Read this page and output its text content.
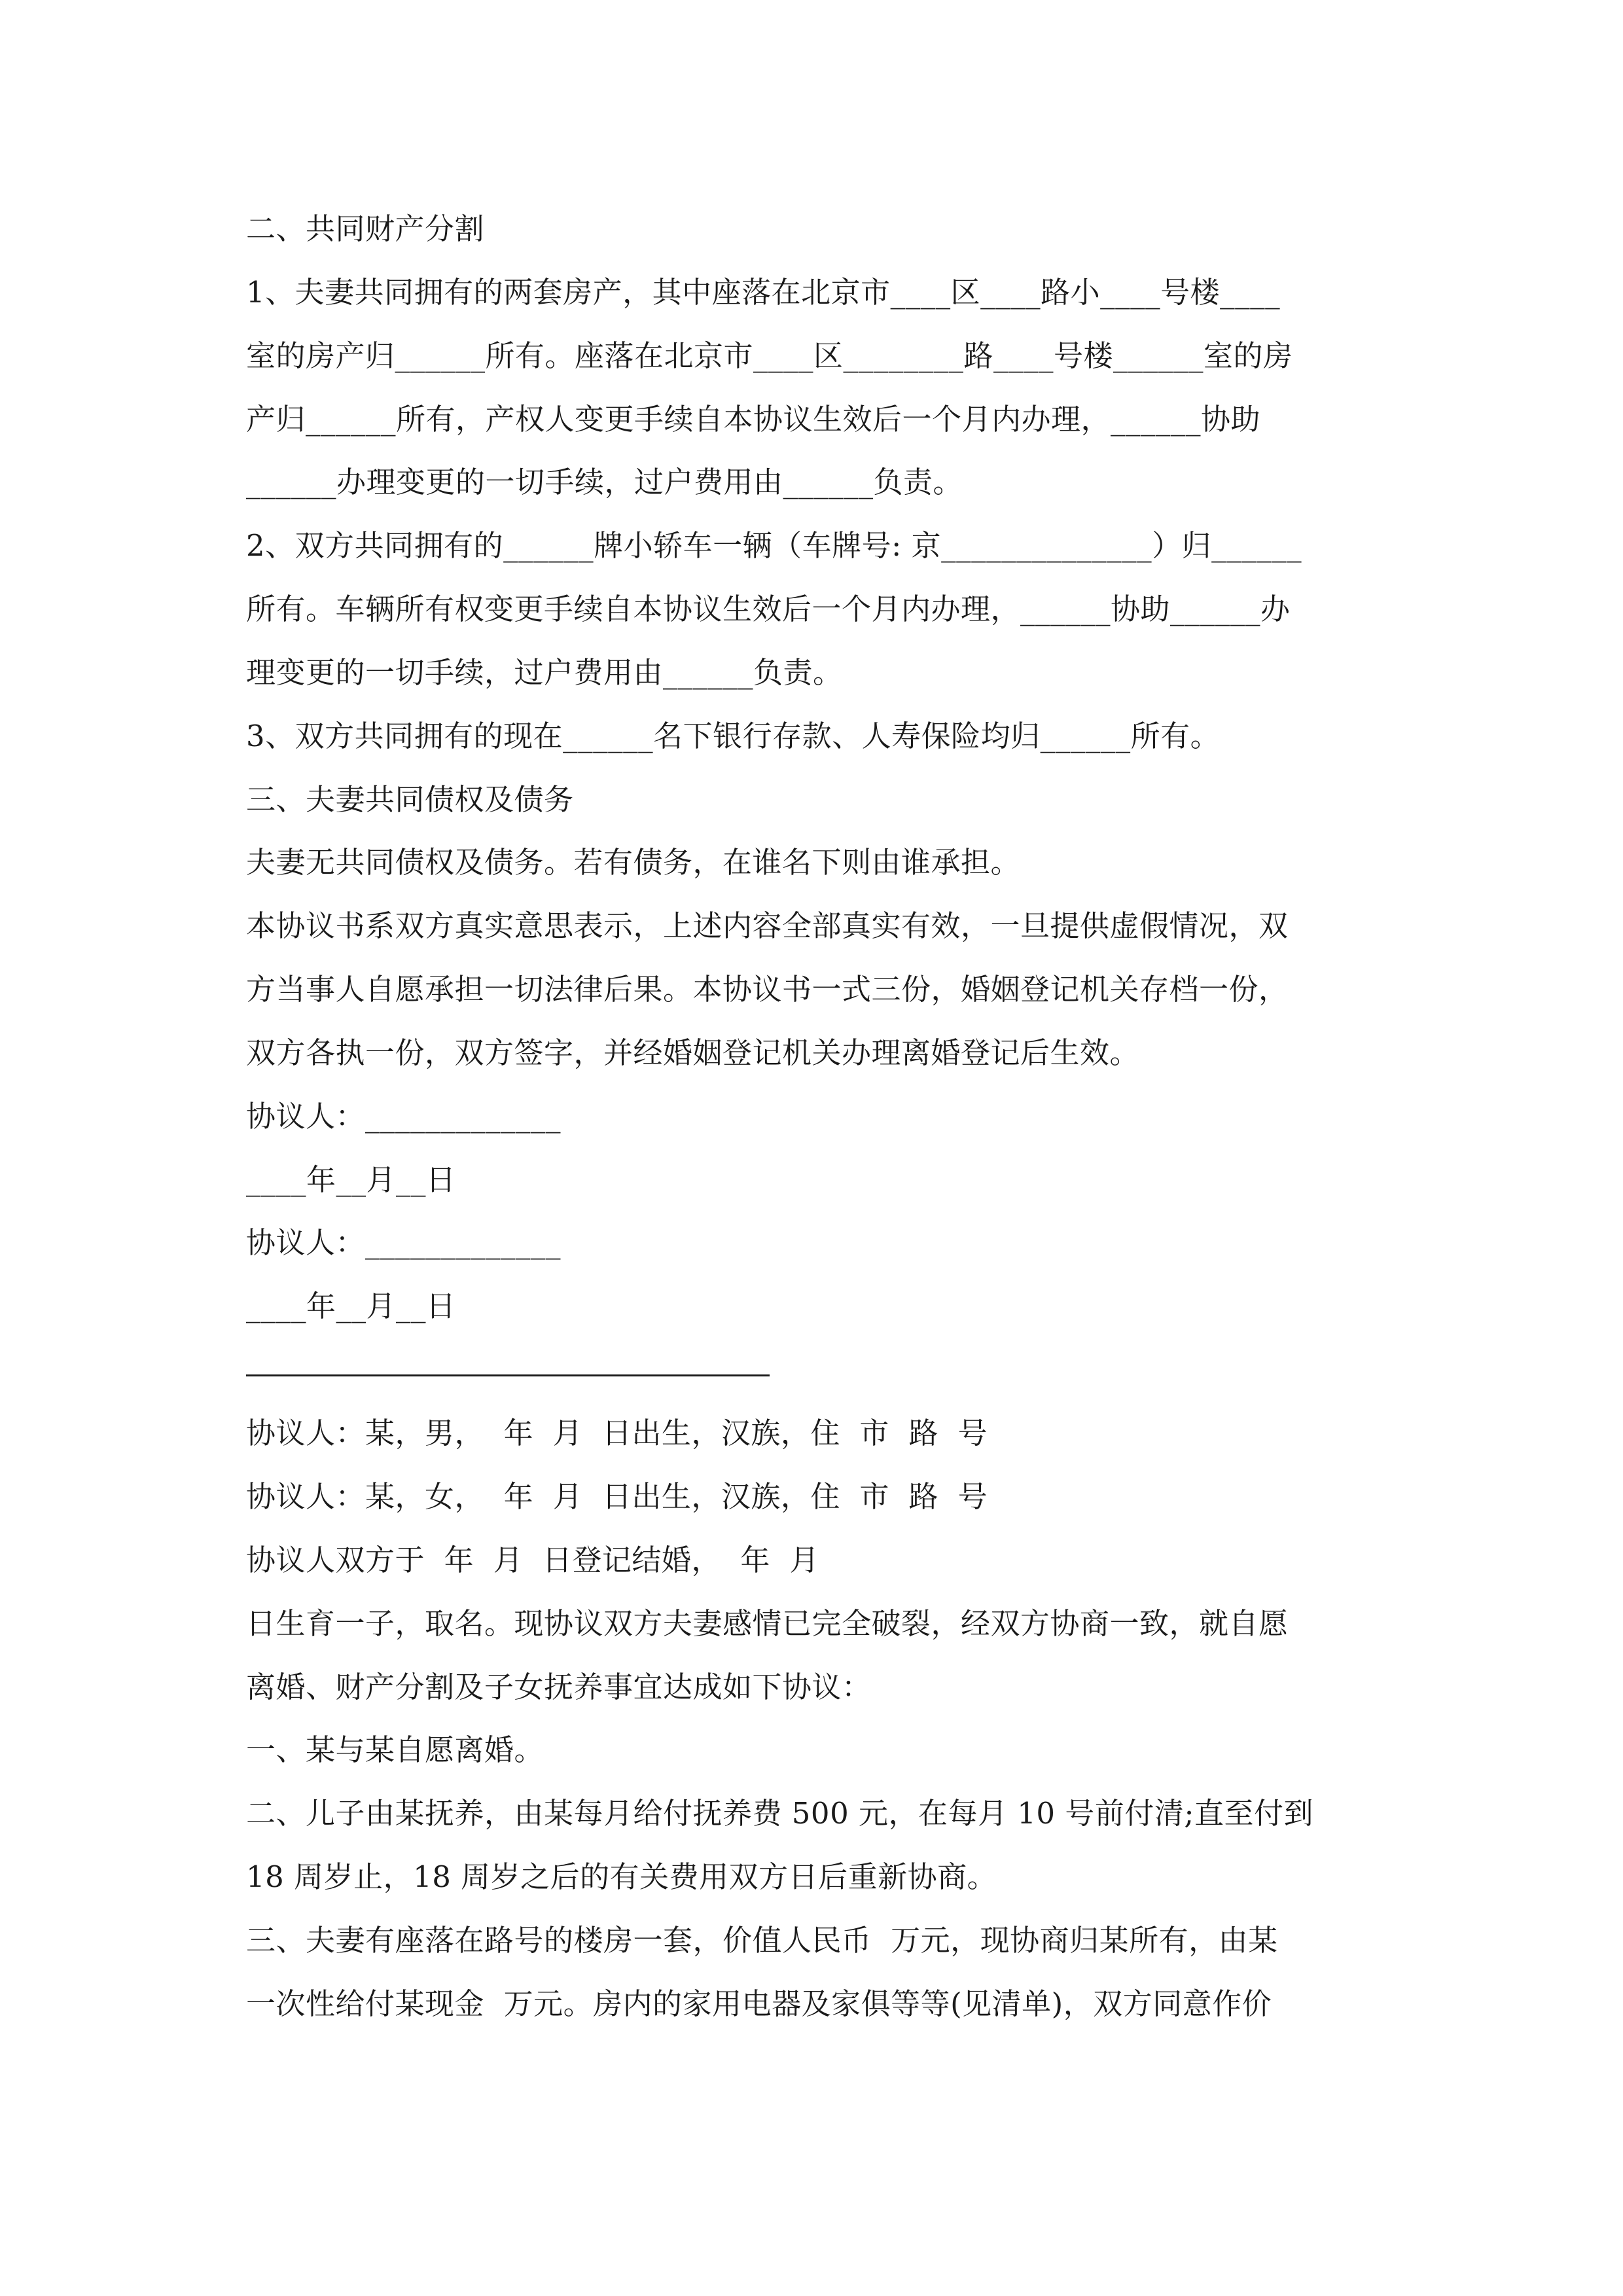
二、共同财产分割
1、夫妻共同拥有的两套房产，其中座落在北京市____区____路小____号楼____
室的房产归______所有。座落在北京市____区________路____号楼______室的房
产归______所有，产权人变更手续自本协议生效后一个月内办理，______协助
______办理变更的一切手续，过户费用由______负责。
2、双方共同拥有的______牌小轿车一辆（车牌号: 京______________）归______
所有。车辆所有权变更手续自本协议生效后一个月内办理，______协助______办
理变更的一切手续，过户费用由______负责。
3、双方共同拥有的现在______名下银行存款、人寿保险均归______所有。
三、夫妻共同债权及债务
夫妻无共同债权及债务。若有债务，在谁名下则由谁承担。
本协议书系双方真实意思表示，上述内容全部真实有效，一旦提供虚假情况，双
方当事人自愿承担一切法律后果。本协议书一式三份，婚姻登记机关存档一份，
双方各执一份，双方签字，并经婚姻登记机关办理离婚登记后生效。
协议人：_____________
____年__月__日
协议人：_____________
____年__月__日
协议人：某，男，  年  月  日出生，汉族，住  市  路  号
协议人：某，女，  年  月  日出生，汉族，住  市  路  号
协议人双方于  年  月  日登记结婚，  年  月
日生育一子，取名。现协议双方夫妻感情已完全破裂，经双方协商一致，就自愿
离婚、财产分割及子女抚养事宜达成如下协议：
一、某与某自愿离婚。
二、儿子由某抚养，由某每月给付抚养费 500 元，在每月 10 号前付清;直至付到
18 周岁止，18 周岁之后的有关费用双方日后重新协商。
三、夫妻有座落在路号的楼房一套，价值人民币  万元，现协商归某所有，由某
一次性给付某现金  万元。房内的家用电器及家俱等等(见清单)，双方同意作价
